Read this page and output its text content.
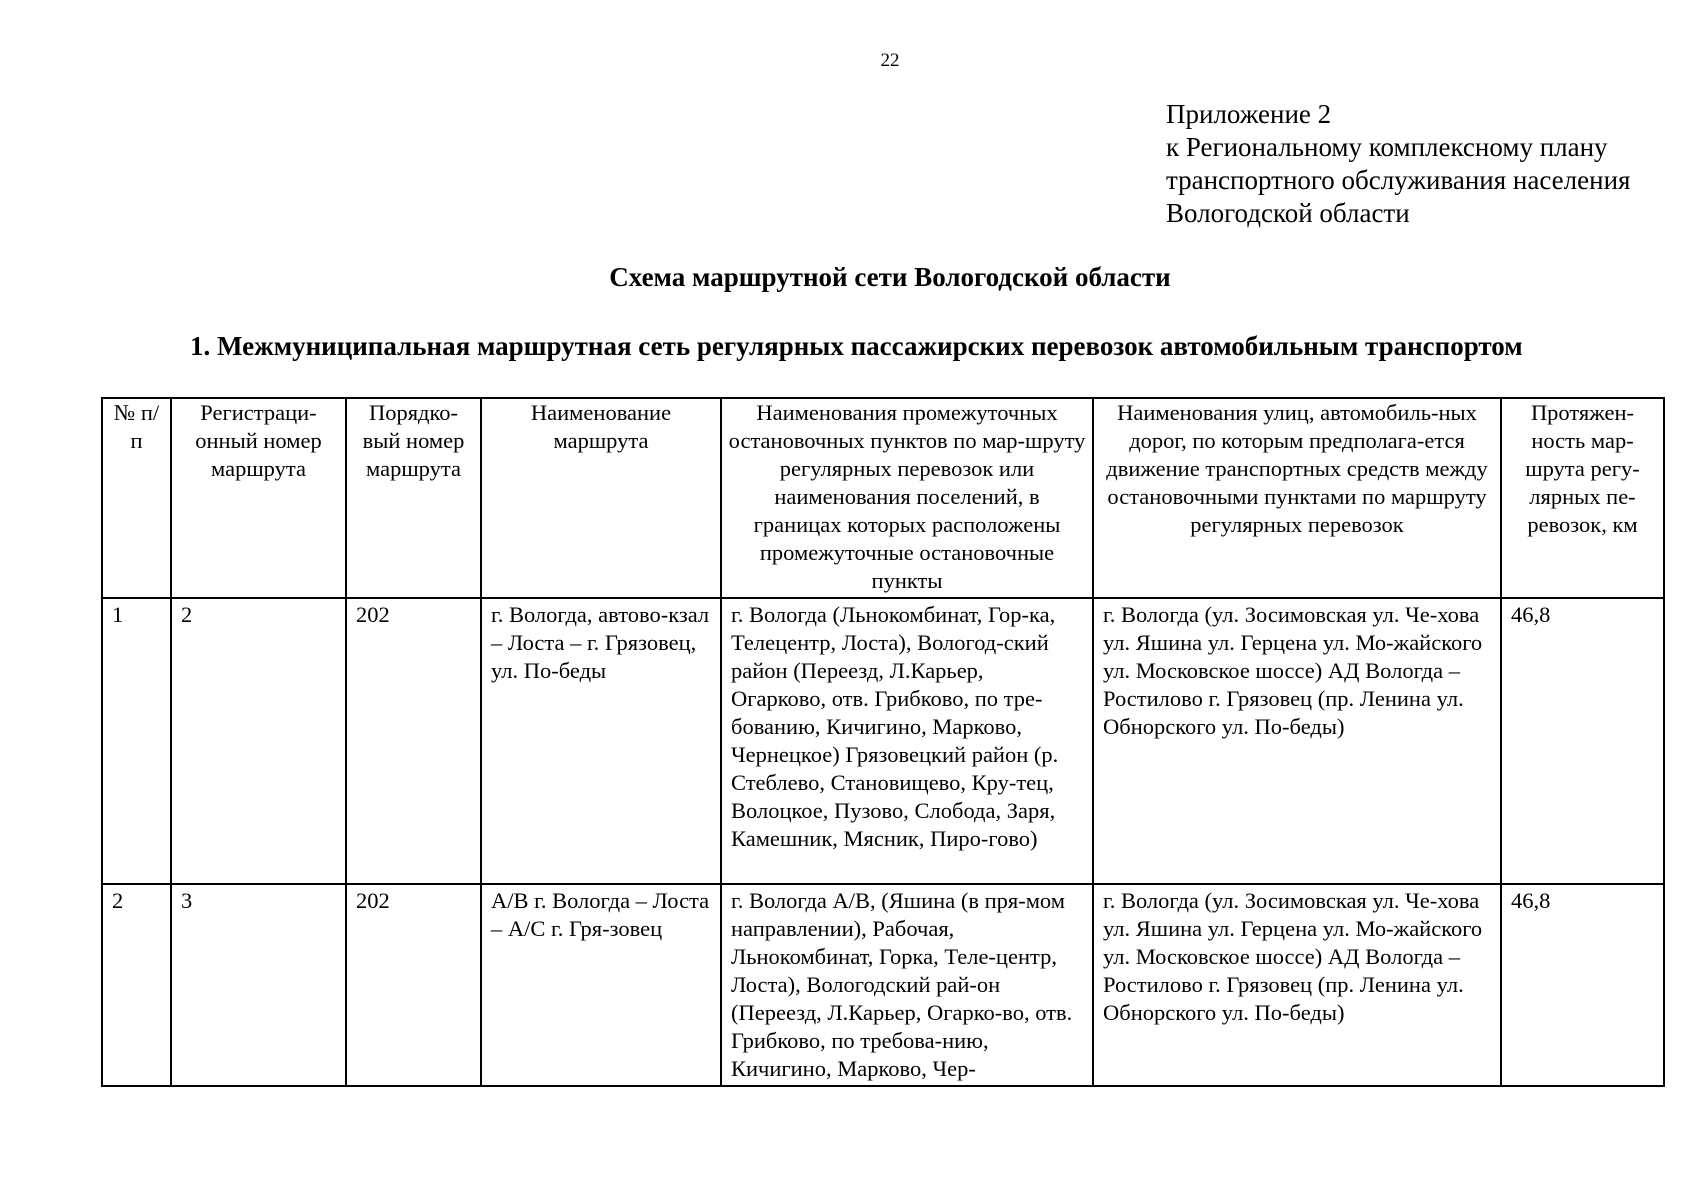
22
Приложение 2
к Региональному комплексному плану
транспортного обслуживания населения
Вологодской области
Схема маршрутной сети Вологодской области
1. Межмуниципальная маршрутная сеть регулярных пассажирских перевозок автомобильным транспортом
№ п/п	Регистраци-онный номер маршрута	Порядко-вый номер маршрута	Наименование маршрута	Наименования промежуточных остановочных пунктов по мар-шруту регулярных перевозок или наименования поселений, в границах которых расположены промежуточные остановочные пункты	Наименования улиц, автомобиль-ных дорог, по которым предполага-ется движение транспортных средств между остановочными пунктами по маршруту регулярных перевозок	Протяжен-ность мар-шрута регу-лярных пе-ревозок, км
1	2	202	г. Вологда, автово-кзал – Лоста – г. Грязовец, ул. По-беды	г. Вологда (Льнокомбинат, Гор-ка, Телецентр, Лоста), Вологод-ский район (Переезд, Л.Карьер, Огарково, отв. Грибково, по тре-бованию, Кичигино, Марково, Чернецкое) Грязовецкий район (р. Стеблево, Становищево, Кру-тец, Волоцкое, Пузово, Слобода, Заря, Камешник, Мясник, Пиро-гово)	г. Вологда (ул. Зосимовская ул. Че-хова ул. Яшина ул. Герцена ул. Мо-жайского ул. Московское шоссе) АД Вологда – Ростилово г. Грязовец (пр. Ленина ул. Обнорского ул. По-беды)	46,8
2	3	202	А/В г. Вологда – Лоста – А/С г. Гря-зовец	г. Вологда А/В, (Яшина (в пря-мом направлении), Рабочая, Льнокомбинат, Горка, Теле-центр, Лоста), Вологодский рай-он (Переезд, Л.Карьер, Огарко-во, отв. Грибково, по требова-нию, Кичигино, Марково, Чер-	г. Вологда (ул. Зосимовская ул. Че-хова ул. Яшина ул. Герцена ул. Мо-жайского ул. Московское шоссе) АД Вологда – Ростилово г. Грязовец (пр. Ленина ул. Обнорского ул. По-беды)	46,8
